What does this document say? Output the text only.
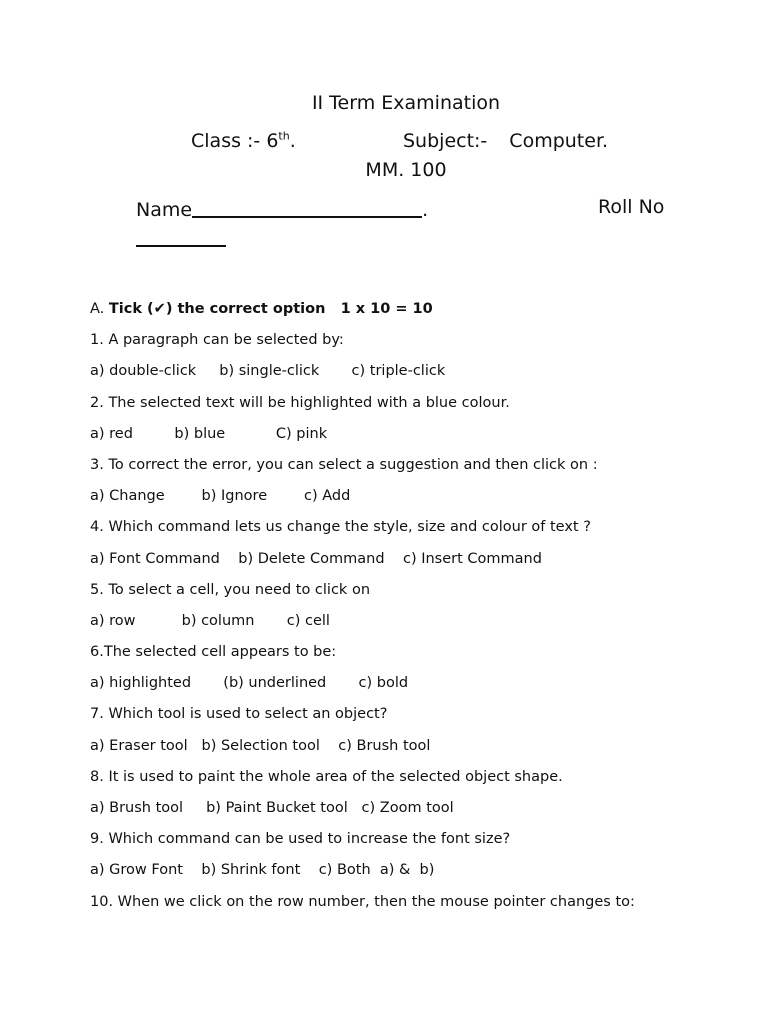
II Term Examination
Class :- 6th.	Subject:- Computer.
MM. 100
Name	.	Roll No
A. Tick (✔) the correct option   1 x 10 = 10
1. A paragraph can be selected by:
a) double-click     b) single-click       c) triple-click
2. The selected text will be highlighted with a blue colour.
a) red         b) blue           C) pink
3. To correct the error, you can select a suggestion and then click on :
a) Change        b) Ignore        c) Add
4. Which command lets us change the style, size and colour of text ?
a) Font Command    b) Delete Command    c) Insert Command
5. To select a cell, you need to click on
a) row          b) column       c) cell
6.The selected cell appears to be:
a) highlighted       (b) underlined       c) bold
7. Which tool is used to select an object?
a) Eraser tool   b) Selection tool    c) Brush tool
8. It is used to paint the whole area of the selected object shape.
a) Brush tool     b) Paint Bucket tool   c) Zoom tool
9. Which command can be used to increase the font size?
a) Grow Font    b) Shrink font    c) Both  a) &  b)
10. When we click on the row number, then the mouse pointer changes to:
